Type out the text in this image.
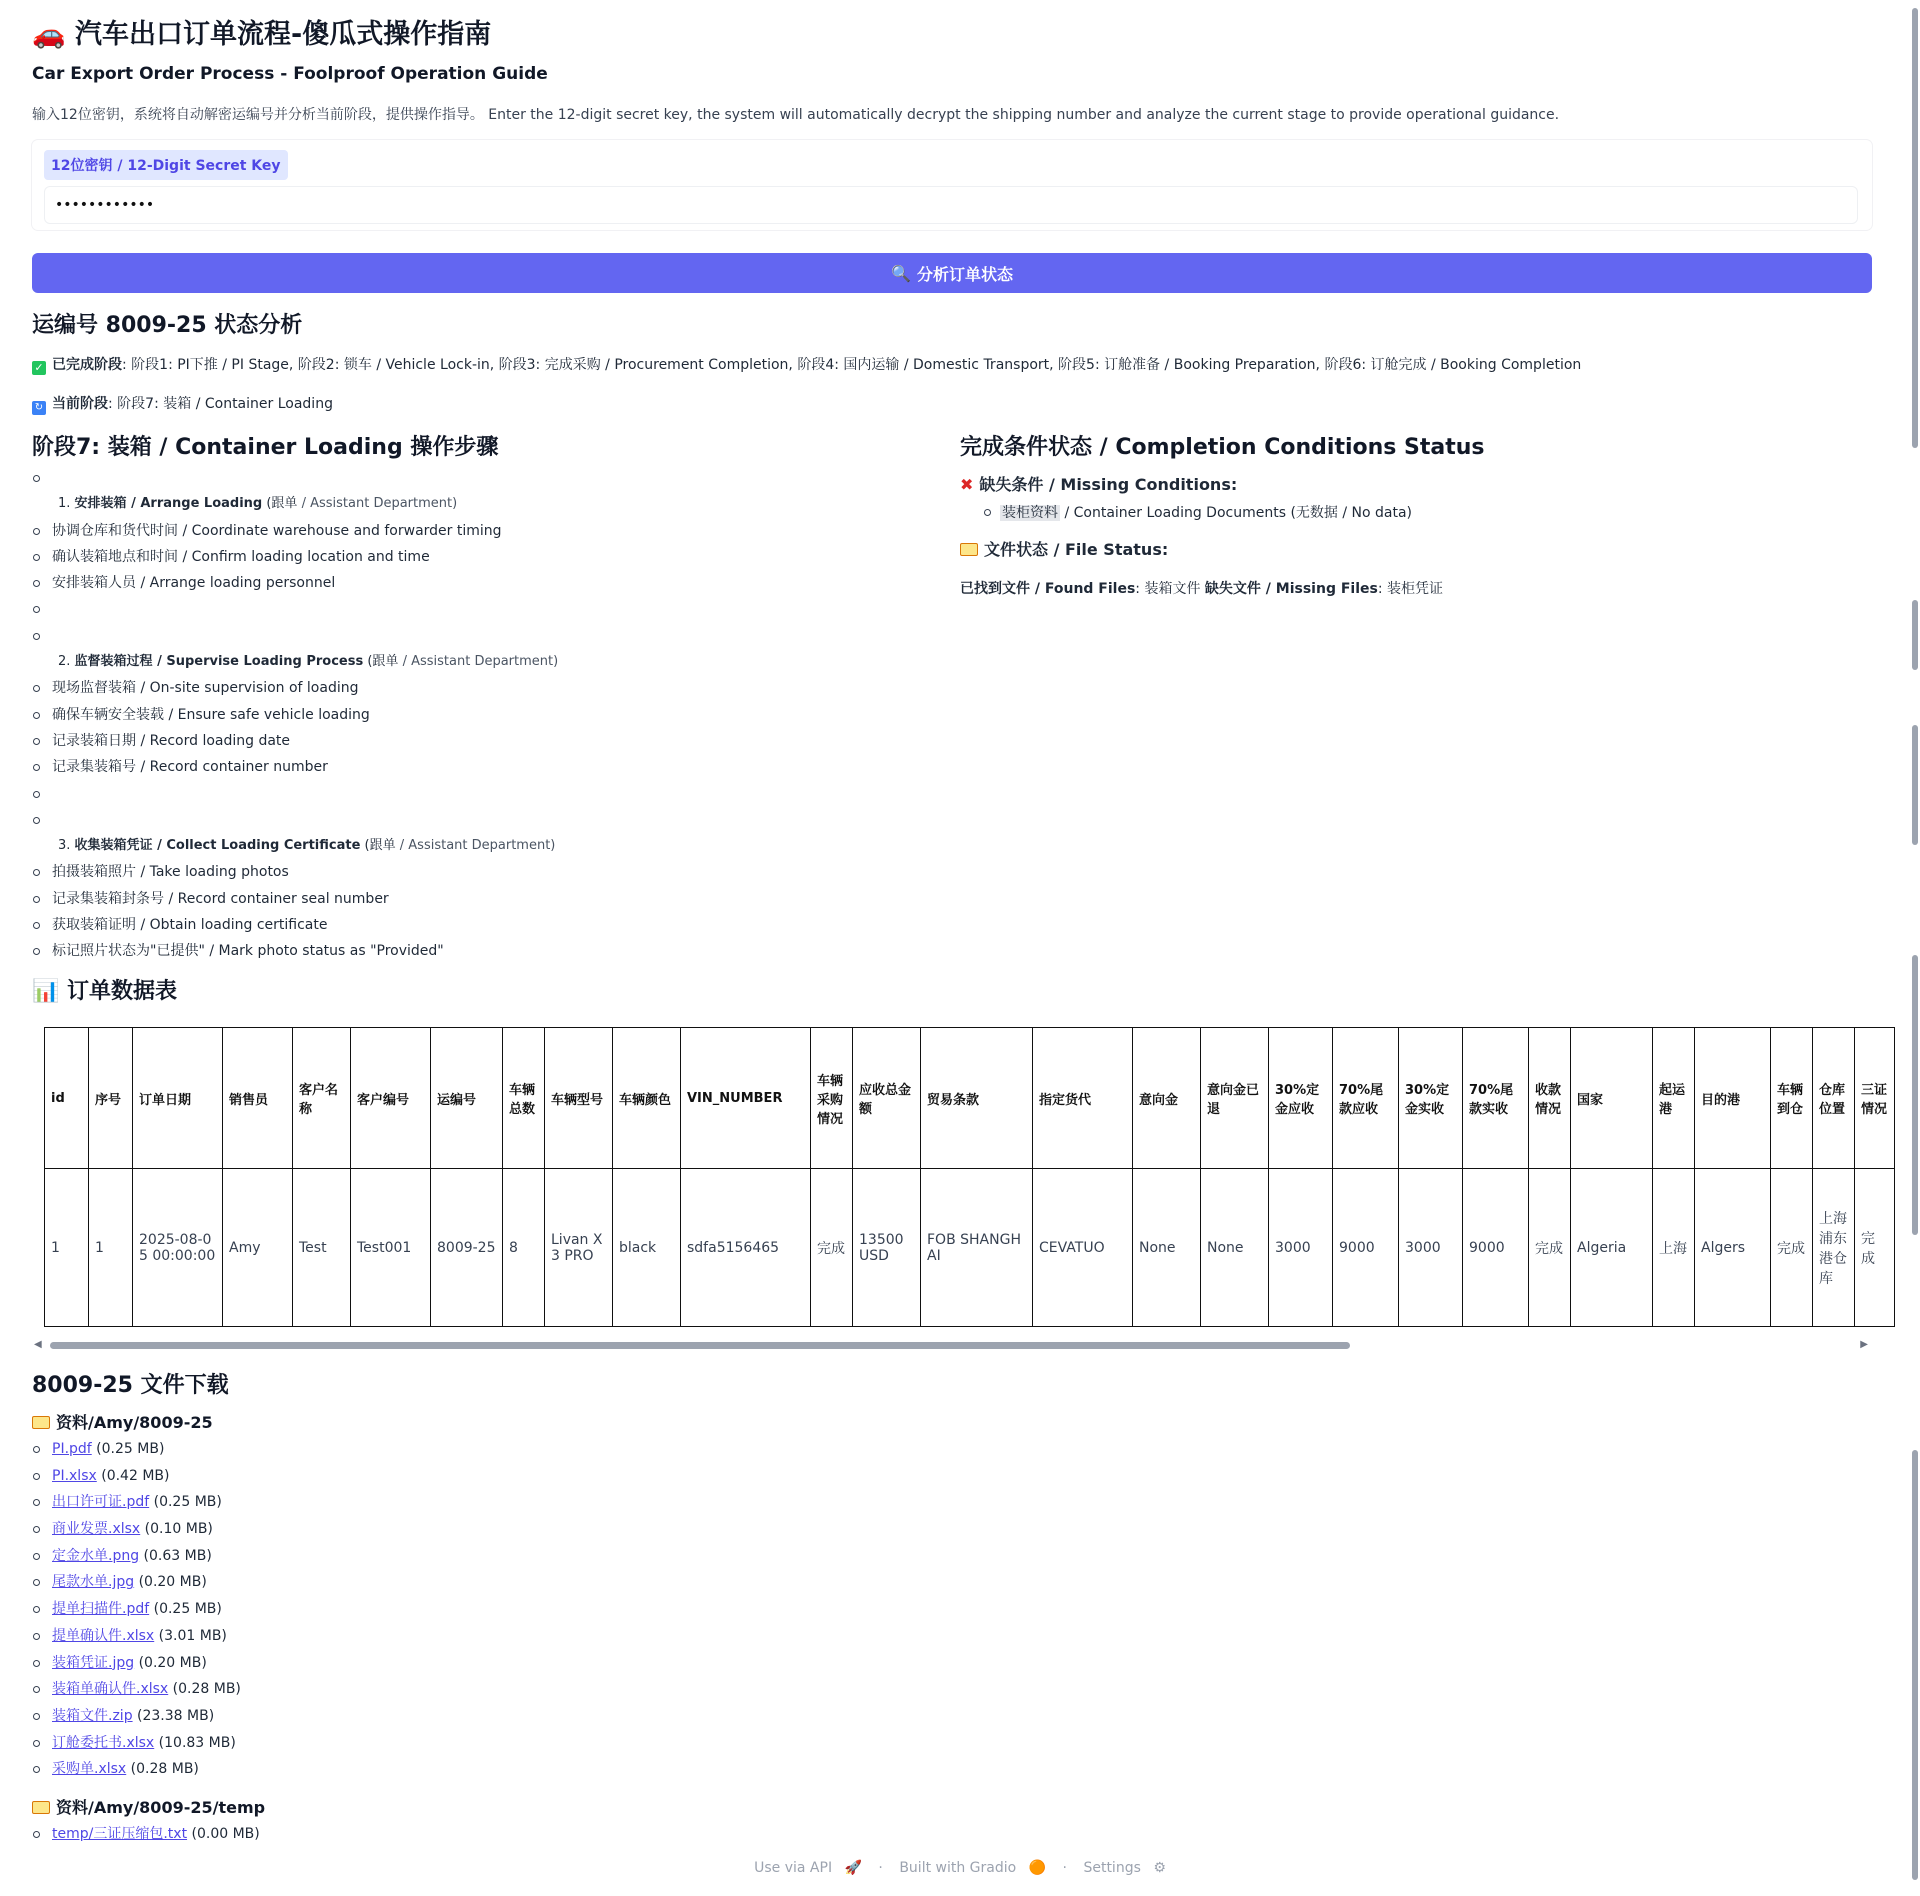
🚗 汽车出口订单流程-傻瓜式操作指南
Car Export Order Process - Foolproof Operation Guide
输入12位密钥，系统将自动解密运编号并分析当前阶段，提供操作指导。 Enter the 12-digit secret key, the system will automatically decrypt the shipping number and analyze the current stage to provide operational guidance.
12位密钥 / 12-Digit Secret Key
••••••••••••
🔍 分析订单状态
运编号 8009-25 状态分析
✓ 已完成阶段: 阶段1: PI下推 / PI Stage, 阶段2: 锁车 / Vehicle Lock-in, 阶段3: 完成采购 / Procurement Completion, 阶段4: 国内运输 / Domestic Transport, 阶段5: 订舱准备 / Booking Preparation, 阶段6: 订舱完成 / Booking Completion
↻ 当前阶段: 阶段7: 装箱 / Container Loading
阶段7: 装箱 / Container Loading 操作步骤
1. 安排装箱 / Arrange Loading (跟单 / Assistant Department)
协调仓库和货代时间 / Coordinate warehouse and forwarder timing
确认装箱地点和时间 / Confirm loading location and time
安排装箱人员 / Arrange loading personnel
2. 监督装箱过程 / Supervise Loading Process (跟单 / Assistant Department)
现场监督装箱 / On-site supervision of loading
确保车辆安全装载 / Ensure safe vehicle loading
记录装箱日期 / Record loading date
记录集装箱号 / Record container number
3. 收集装箱凭证 / Collect Loading Certificate (跟单 / Assistant Department)
拍摄装箱照片 / Take loading photos
记录集装箱封条号 / Record container seal number
获取装箱证明 / Obtain loading certificate
标记照片状态为"已提供" / Mark photo status as "Provided"
完成条件状态 / Completion Conditions Status
✖ 缺失条件 / Missing Conditions:
装柜资料 / Container Loading Documents (无数据 / No data)
文件状态 / File Status:
已找到文件 / Found Files: 装箱文件 缺失文件 / Missing Files: 装柜凭证
📊 订单数据表
id	序号	订单日期	销售员	客户名称	客户编号	运编号	车辆总数	车辆型号	车辆颜色	VIN_NUMBER	车辆采购情况	应收总金额	贸易条款	指定货代	意向金	意向金已退	30%定金应收	70%尾款应收	30%定金实收	70%尾款实收	收款情况	国家	起运港	目的港	车辆到仓	仓库位置	三证情况
1	1	2025-08-05 00:00:00	Amy	Test	Test001	8009-25	8	Livan X3 PRO	black	sdfa5156465	完成	13500 USD	FOB SHANGHAI	CEVATUO	None	None	3000	9000	3000	9000	完成	Algeria	上海	Algers	完成	上海浦东港仓库	完成
◀	▶
8009-25 文件下载
资料/Amy/8009-25
PI.pdf (0.25 MB)
PI.xlsx (0.42 MB)
出口许可证.pdf (0.25 MB)
商业发票.xlsx (0.10 MB)
定金水单.png (0.63 MB)
尾款水单.jpg (0.20 MB)
提单扫描件.pdf (0.25 MB)
提单确认件.xlsx (3.01 MB)
装箱凭证.jpg (0.20 MB)
装箱单确认件.xlsx (0.28 MB)
装箱文件.zip (23.38 MB)
订舱委托书.xlsx (10.83 MB)
采购单.xlsx (0.28 MB)
资料/Amy/8009-25/temp
temp/三证压缩包.txt (0.00 MB)
Use via API 🚀 · Built with Gradio 🟠 · Settings ⚙
